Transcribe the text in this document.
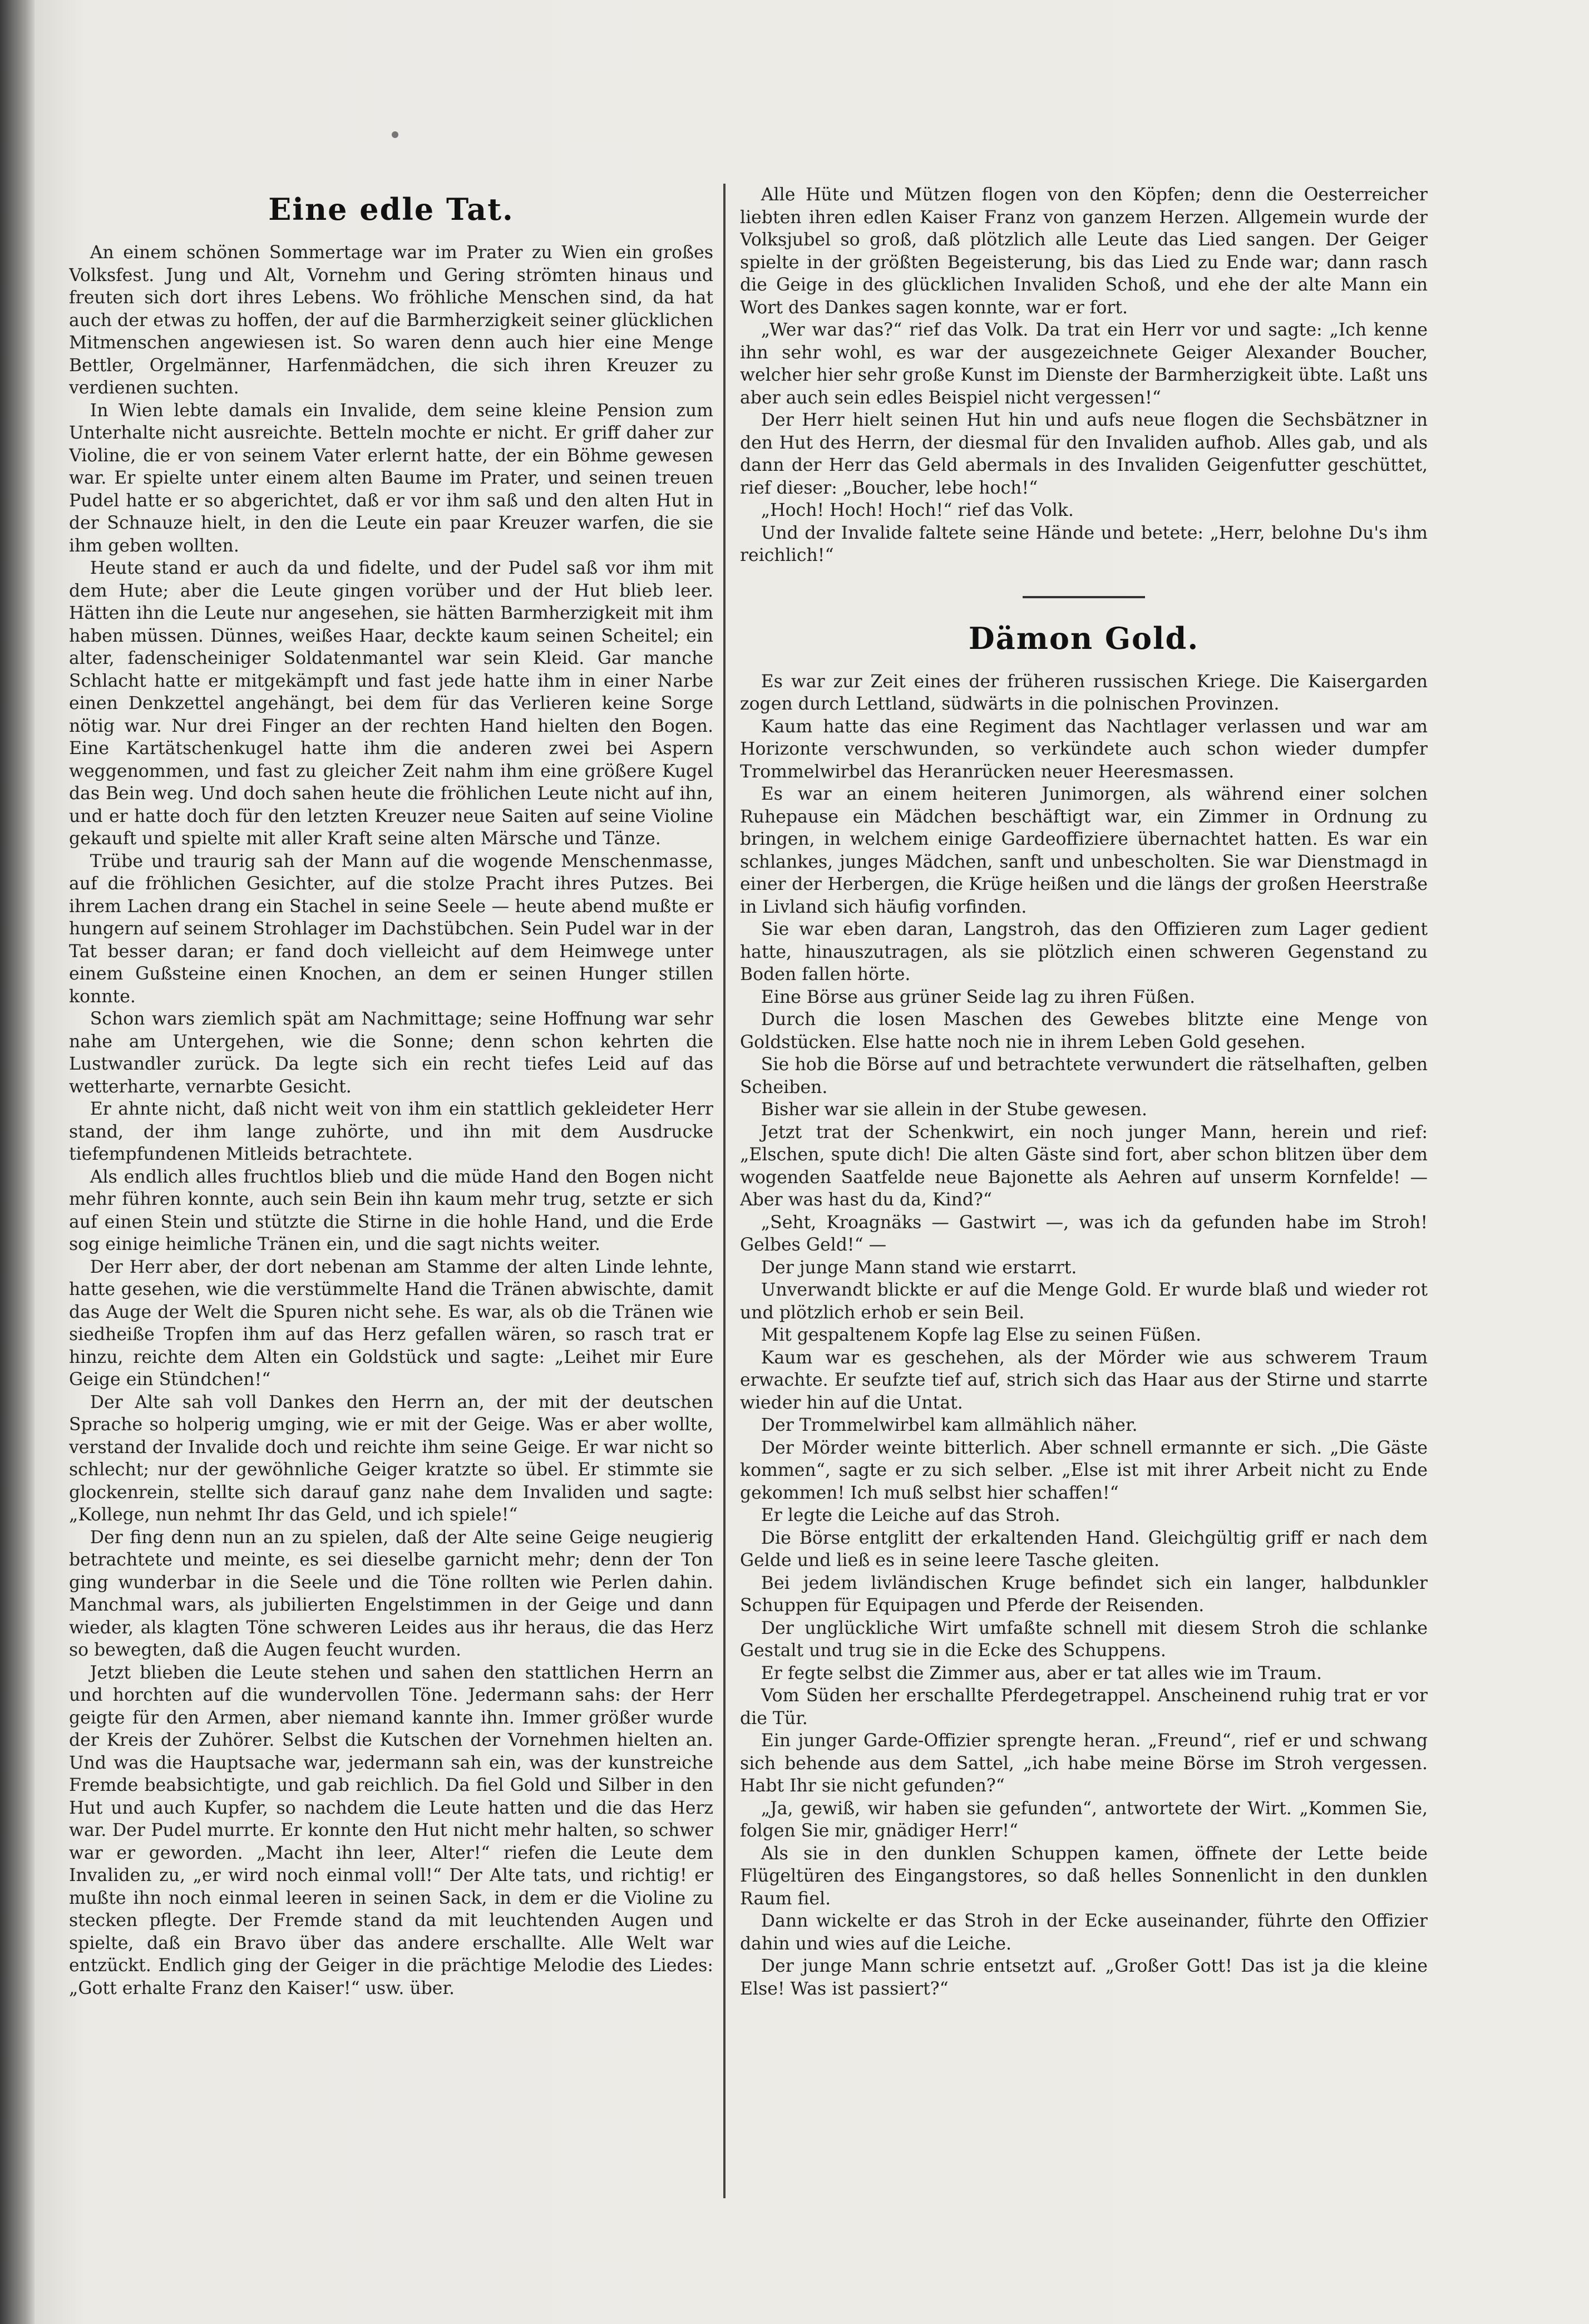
Eine edle Tat.

An einem schönen Sommertage war im Prater zu Wien ein großes Volksfest. Jung und Alt, Vornehm und Gering strömten hinaus und freuten sich dort ihres Lebens. Wo fröhliche Menschen sind, da hat auch der etwas zu hoffen, der auf die Barmherzigkeit seiner glücklichen Mitmenschen angewiesen ist. So waren denn auch hier eine Menge Bettler, Orgelmänner, Harfenmädchen, die sich ihren Kreuzer zu verdienen suchten.

In Wien lebte damals ein Invalide, dem seine kleine Pension zum Unterhalte nicht ausreichte. Betteln mochte er nicht. Er griff daher zur Violine, die er von seinem Vater erlernt hatte, der ein Böhme gewesen war. Er spielte unter einem alten Baume im Prater, und seinen treuen Pudel hatte er so abgerichtet, daß er vor ihm saß und den alten Hut in der Schnauze hielt, in den die Leute ein paar Kreuzer warfen, die sie ihm geben wollten.

Heute stand er auch da und fidelte, und der Pudel saß vor ihm mit dem Hute; aber die Leute gingen vorüber und der Hut blieb leer. Hätten ihn die Leute nur angesehen, sie hätten Barmherzigkeit mit ihm haben müssen. Dünnes, weißes Haar, deckte kaum seinen Scheitel; ein alter, fadenscheiniger Soldatenmantel war sein Kleid. Gar manche Schlacht hatte er mitgekämpft und fast jede hatte ihm in einer Narbe einen Denkzettel angehängt, bei dem für das Verlieren keine Sorge nötig war. Nur drei Finger an der rechten Hand hielten den Bogen. Eine Kartätschenkugel hatte ihm die anderen zwei bei Aspern weggenommen, und fast zu gleicher Zeit nahm ihm eine größere Kugel das Bein weg. Und doch sahen heute die fröhlichen Leute nicht auf ihn, und er hatte doch für den letzten Kreuzer neue Saiten auf seine Violine gekauft und spielte mit aller Kraft seine alten Märsche und Tänze.

Trübe und traurig sah der Mann auf die wogende Menschenmasse, auf die fröhlichen Gesichter, auf die stolze Pracht ihres Putzes. Bei ihrem Lachen drang ein Stachel in seine Seele — heute abend mußte er hungern auf seinem Strohlager im Dachstübchen. Sein Pudel war in der Tat besser daran; er fand doch vielleicht auf dem Heimwege unter einem Gußsteine einen Knochen, an dem er seinen Hunger stillen konnte.

Schon wars ziemlich spät am Nachmittage; seine Hoffnung war sehr nahe am Untergehen, wie die Sonne; denn schon kehrten die Lustwandler zurück. Da legte sich ein recht tiefes Leid auf das wetterharte, vernarbte Gesicht.

Er ahnte nicht, daß nicht weit von ihm ein stattlich gekleideter Herr stand, der ihm lange zuhörte, und ihn mit dem Ausdrucke tiefempfundenen Mitleids betrachtete.

Als endlich alles fruchtlos blieb und die müde Hand den Bogen nicht mehr führen konnte, auch sein Bein ihn kaum mehr trug, setzte er sich auf einen Stein und stützte die Stirne in die hohle Hand, und die Erde sog einige heimliche Tränen ein, und die sagt nichts weiter.

Der Herr aber, der dort nebenan am Stamme der alten Linde lehnte, hatte gesehen, wie die verstümmelte Hand die Tränen abwischte, damit das Auge der Welt die Spuren nicht sehe. Es war, als ob die Tränen wie siedheiße Tropfen ihm auf das Herz gefallen wären, so rasch trat er hinzu, reichte dem Alten ein Goldstück und sagte: „Leihet mir Eure Geige ein Stündchen!“

Der Alte sah voll Dankes den Herrn an, der mit der deutschen Sprache so holperig umging, wie er mit der Geige. Was er aber wollte, verstand der Invalide doch und reichte ihm seine Geige. Er war nicht so schlecht; nur der gewöhnliche Geiger kratzte so übel. Er stimmte sie glockenrein, stellte sich darauf ganz nahe dem Invaliden und sagte: „Kollege, nun nehmt Ihr das Geld, und ich spiele!“

Der fing denn nun an zu spielen, daß der Alte seine Geige neugierig betrachtete und meinte, es sei dieselbe garnicht mehr; denn der Ton ging wunderbar in die Seele und die Töne rollten wie Perlen dahin. Manchmal wars, als jubilierten Engelstimmen in der Geige und dann wieder, als klagten Töne schweren Leides aus ihr heraus, die das Herz so bewegten, daß die Augen feucht wurden.

Jetzt blieben die Leute stehen und sahen den stattlichen Herrn an und horchten auf die wundervollen Töne. Jedermann sahs: der Herr geigte für den Armen, aber niemand kannte ihn. Immer größer wurde der Kreis der Zuhörer. Selbst die Kutschen der Vornehmen hielten an. Und was die Hauptsache war, jedermann sah ein, was der kunstreiche Fremde beabsichtigte, und gab reichlich. Da fiel Gold und Silber in den Hut und auch Kupfer, so nachdem die Leute hatten und die das Herz war. Der Pudel murrte. Er konnte den Hut nicht mehr halten, so schwer war er geworden. „Macht ihn leer, Alter!“ riefen die Leute dem Invaliden zu, „er wird noch einmal voll!“ Der Alte tats, und richtig! er mußte ihn noch einmal leeren in seinen Sack, in dem er die Violine zu stecken pflegte. Der Fremde stand da mit leuchtenden Augen und spielte, daß ein Bravo über das andere erschallte. Alle Welt war entzückt. Endlich ging der Geiger in die prächtige Melodie des Liedes: „Gott erhalte Franz den Kaiser!“ usw. über.

Alle Hüte und Mützen flogen von den Köpfen; denn die Oesterreicher liebten ihren edlen Kaiser Franz von ganzem Herzen. Allgemein wurde der Volksjubel so groß, daß plötzlich alle Leute das Lied sangen. Der Geiger spielte in der größten Begeisterung, bis das Lied zu Ende war; dann rasch die Geige in des glücklichen Invaliden Schoß, und ehe der alte Mann ein Wort des Dankes sagen konnte, war er fort.

„Wer war das?“ rief das Volk. Da trat ein Herr vor und sagte: „Ich kenne ihn sehr wohl, es war der ausgezeichnete Geiger Alexander Boucher, welcher hier sehr große Kunst im Dienste der Barmherzigkeit übte. Laßt uns aber auch sein edles Beispiel nicht vergessen!“

Der Herr hielt seinen Hut hin und aufs neue flogen die Sechsbätzner in den Hut des Herrn, der diesmal für den Invaliden aufhob. Alles gab, und als dann der Herr das Geld abermals in des Invaliden Geigenfutter geschüttet, rief dieser: „Boucher, lebe hoch!“

„Hoch! Hoch! Hoch!“ rief das Volk.

Und der Invalide faltete seine Hände und betete: „Herr, belohne Du's ihm reichlich!“

Dämon Gold.

Es war zur Zeit eines der früheren russischen Kriege. Die Kaisergarden zogen durch Lettland, südwärts in die polnischen Provinzen.

Kaum hatte das eine Regiment das Nachtlager verlassen und war am Horizonte verschwunden, so verkündete auch schon wieder dumpfer Trommelwirbel das Heranrücken neuer Heeresmassen.

Es war an einem heiteren Junimorgen, als während einer solchen Ruhepause ein Mädchen beschäftigt war, ein Zimmer in Ordnung zu bringen, in welchem einige Gardeoffiziere übernachtet hatten. Es war ein schlankes, junges Mädchen, sanft und unbescholten. Sie war Dienstmagd in einer der Herbergen, die Krüge heißen und die längs der großen Heerstraße in Livland sich häufig vorfinden.

Sie war eben daran, Langstroh, das den Offizieren zum Lager gedient hatte, hinauszutragen, als sie plötzlich einen schweren Gegenstand zu Boden fallen hörte.

Eine Börse aus grüner Seide lag zu ihren Füßen.

Durch die losen Maschen des Gewebes blitzte eine Menge von Goldstücken. Else hatte noch nie in ihrem Leben Gold gesehen.

Sie hob die Börse auf und betrachtete verwundert die rätselhaften, gelben Scheiben.

Bisher war sie allein in der Stube gewesen.

Jetzt trat der Schenkwirt, ein noch junger Mann, herein und rief: „Elschen, spute dich! Die alten Gäste sind fort, aber schon blitzen über dem wogenden Saatfelde neue Bajonette als Aehren auf unserm Kornfelde! — Aber was hast du da, Kind?“

„Seht, Kroagnäks — Gastwirt —, was ich da gefunden habe im Stroh! Gelbes Geld!“ —

Der junge Mann stand wie erstarrt.

Unverwandt blickte er auf die Menge Gold. Er wurde blaß und wieder rot und plötzlich erhob er sein Beil.

Mit gespaltenem Kopfe lag Else zu seinen Füßen.

Kaum war es geschehen, als der Mörder wie aus schwerem Traum erwachte. Er seufzte tief auf, strich sich das Haar aus der Stirne und starrte wieder hin auf die Untat.

Der Trommelwirbel kam allmählich näher.

Der Mörder weinte bitterlich. Aber schnell ermannte er sich. „Die Gäste kommen“, sagte er zu sich selber. „Else ist mit ihrer Arbeit nicht zu Ende gekommen! Ich muß selbst hier schaffen!“

Er legte die Leiche auf das Stroh.

Die Börse entglitt der erkaltenden Hand. Gleichgültig griff er nach dem Gelde und ließ es in seine leere Tasche gleiten.

Bei jedem livländischen Kruge befindet sich ein langer, halbdunkler Schuppen für Equipagen und Pferde der Reisenden.

Der unglückliche Wirt umfaßte schnell mit diesem Stroh die schlanke Gestalt und trug sie in die Ecke des Schuppens.

Er fegte selbst die Zimmer aus, aber er tat alles wie im Traum.

Vom Süden her erschallte Pferdegetrappel. Anscheinend ruhig trat er vor die Tür.

Ein junger Garde-Offizier sprengte heran. „Freund“, rief er und schwang sich behende aus dem Sattel, „ich habe meine Börse im Stroh vergessen. Habt Ihr sie nicht gefunden?“

„Ja, gewiß, wir haben sie gefunden“, antwortete der Wirt. „Kommen Sie, folgen Sie mir, gnädiger Herr!“

Als sie in den dunklen Schuppen kamen, öffnete der Lette beide Flügeltüren des Eingangstores, so daß helles Sonnenlicht in den dunklen Raum fiel.

Dann wickelte er das Stroh in der Ecke auseinander, führte den Offizier dahin und wies auf die Leiche.

Der junge Mann schrie entsetzt auf. „Großer Gott! Das ist ja die kleine Else! Was ist passiert?“
